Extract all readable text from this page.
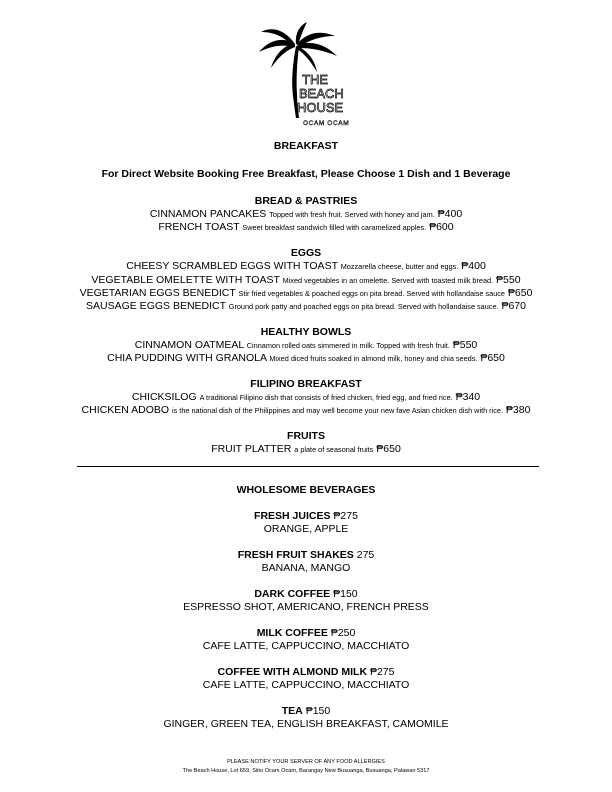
THE
BEACH
HOUSE
OCAM OCAM
BREAKFAST
For Direct Website Booking Free Breakfast, Please Choose 1 Dish and 1 Beverage
BREAD & PASTRIES
CINNAMON PANCAKES Topped with fresh fruit. Served with honey and jam. ₱400
FRENCH TOAST Sweet breakfast sandwich filled with caramelized apples. ₱600
EGGS
CHEESY SCRAMBLED EGGS WITH TOAST Mozzarella cheese, butter and eggs. ₱400
VEGETABLE OMELETTE WITH TOAST Mixed vegetables in an omelette. Served with toasted milk bread. ₱550
VEGETARIAN EGGS BENEDICT Stir fried vegetables & poached eggs on pita bread. Served with hollandaise sauce ₱650
SAUSAGE EGGS BENEDICT Ground pork patty and poached eggs on pita bread. Served with hollandaise sauce. ₱670
HEALTHY BOWLS
CINNAMON OATMEAL Cinnamon rolled oats simmered in milk. Topped with fresh fruit. ₱550
CHIA PUDDING WITH GRANOLA Mixed diced fruits soaked in almond milk, honey and chia seeds. ₱650
FILIPINO BREAKFAST
CHICKSILOG A traditional Filipino dish that consists of fried chicken, fried egg, and fried rice. ₱340
CHICKEN ADOBO is the national dish of the Philippines and may well become your new fave Asian chicken dish with rice. ₱380
FRUITS
FRUIT PLATTER a plate of seasonal fruits ₱650
WHOLESOME BEVERAGES
FRESH JUICES ₱275
ORANGE, APPLE
FRESH FRUIT SHAKES 275
BANANA, MANGO
DARK COFFEE ₱150
ESPRESSO SHOT, AMERICANO, FRENCH PRESS
MILK COFFEE ₱250
CAFE LATTE, CAPPUCCINO, MACCHIATO
COFFEE WITH ALMOND MILK ₱275
CAFE LATTE, CAPPUCCINO, MACCHIATO
TEA ₱150
GINGER, GREEN TEA, ENGLISH BREAKFAST, CAMOMILE
PLEASE NOTIFY YOUR SERVER OF ANY FOOD ALLERGIES
The Beach House, Lot 659, Sitio Ocam Ocam, Barangay New Busuanga, Busuanga, Palawan 5317
